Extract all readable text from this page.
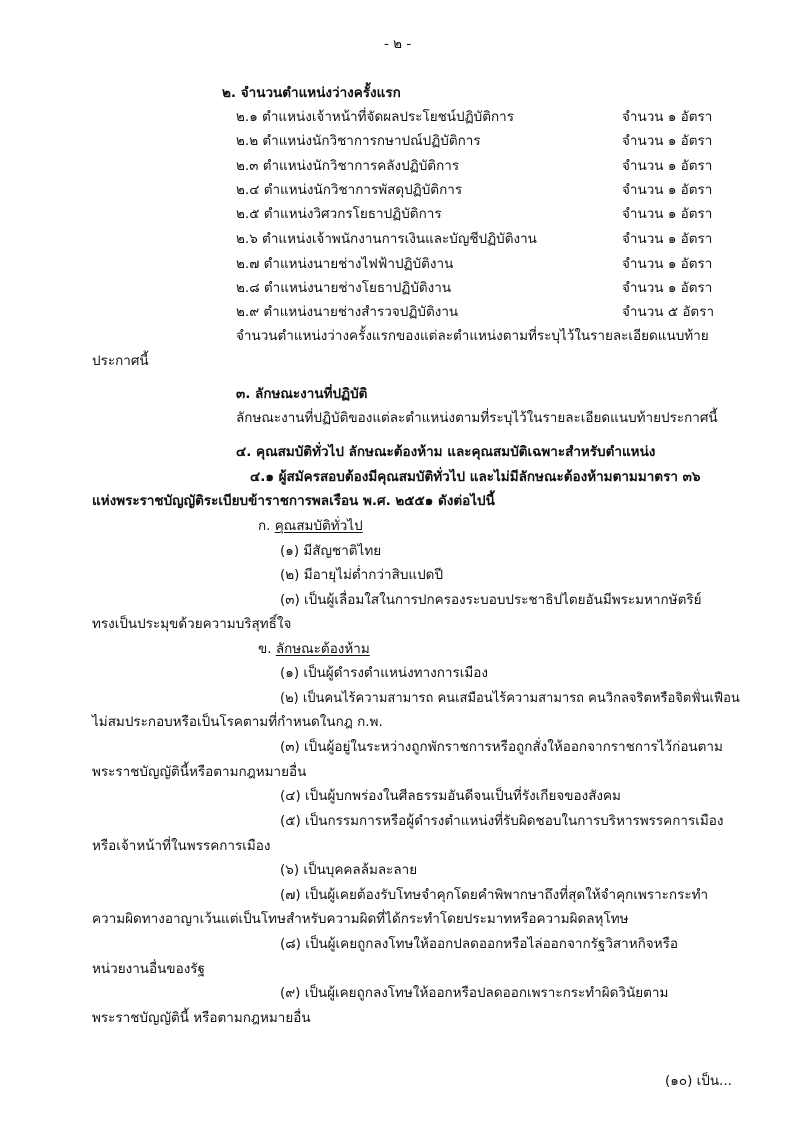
- ๒ -
๒. จำนวนตำแหน่งว่างครั้งแรก
๒.๑ ตำแหน่งเจ้าหน้าที่จัดผลประโยชน์ปฏิบัติการ	จำนวน ๑ อัตรา
๒.๒ ตำแหน่งนักวิชาการกษาปณ์ปฏิบัติการ	จำนวน ๑ อัตรา
๒.๓ ตำแหน่งนักวิชาการคลังปฏิบัติการ	จำนวน ๑ อัตรา
๒.๔ ตำแหน่งนักวิชาการพัสดุปฏิบัติการ	จำนวน ๑ อัตรา
๒.๕ ตำแหน่งวิศวกรโยธาปฏิบัติการ	จำนวน ๑ อัตรา
๒.๖ ตำแหน่งเจ้าพนักงานการเงินและบัญชีปฏิบัติงาน	จำนวน ๑ อัตรา
๒.๗ ตำแหน่งนายช่างไฟฟ้าปฏิบัติงาน	จำนวน ๑ อัตรา
๒.๘ ตำแหน่งนายช่างโยธาปฏิบัติงาน	จำนวน ๑ อัตรา
๒.๙ ตำแหน่งนายช่างสำรวจปฏิบัติงาน	จำนวน ๕ อัตรา
จำนวนตำแหน่งว่างครั้งแรกของแต่ละตำแหน่งตามที่ระบุไว้ในรายละเอียดแนบท้าย
ประกาศนี้
๓. ลักษณะงานที่ปฏิบัติ
ลักษณะงานที่ปฏิบัติของแต่ละตำแหน่งตามที่ระบุไว้ในรายละเอียดแนบท้ายประกาศนี้
๔. คุณสมบัติทั่วไป ลักษณะต้องห้าม และคุณสมบัติเฉพาะสำหรับตำแหน่ง
๔.๑ ผู้สมัครสอบต้องมีคุณสมบัติทั่วไป และไม่มีลักษณะต้องห้ามตามมาตรา ๓๖
แห่งพระราชบัญญัติระเบียบข้าราชการพลเรือน พ.ศ. ๒๕๕๑ ดังต่อไปนี้
ก. คุณสมบัติทั่วไป
(๑) มีสัญชาติไทย
(๒) มีอายุไม่ต่ำกว่าสิบแปดปี
(๓) เป็นผู้เลื่อมใสในการปกครองระบอบประชาธิปไตยอันมีพระมหากษัตริย์
ทรงเป็นประมุขด้วยความบริสุทธิ์ใจ
ข. ลักษณะต้องห้าม
(๑) เป็นผู้ดำรงตำแหน่งทางการเมือง
(๒) เป็นคนไร้ความสามารถ คนเสมือนไร้ความสามารถ คนวิกลจริตหรือจิตฟั่นเฟือน
ไม่สมประกอบหรือเป็นโรคตามที่กำหนดในกฎ ก.พ.
(๓) เป็นผู้อยู่ในระหว่างถูกพักราชการหรือถูกสั่งให้ออกจากราชการไว้ก่อนตาม
พระราชบัญญัตินี้หรือตามกฎหมายอื่น
(๔) เป็นผู้บกพร่องในศีลธรรมอันดีจนเป็นที่รังเกียจของสังคม
(๕) เป็นกรรมการหรือผู้ดำรงตำแหน่งที่รับผิดชอบในการบริหารพรรคการเมือง
หรือเจ้าหน้าที่ในพรรคการเมือง
(๖) เป็นบุคคลล้มละลาย
(๗) เป็นผู้เคยต้องรับโทษจำคุกโดยคำพิพากษาถึงที่สุดให้จำคุกเพราะกระทำ
ความผิดทางอาญาเว้นแต่เป็นโทษสำหรับความผิดที่ได้กระทำโดยประมาทหรือความผิดลหุโทษ
(๘) เป็นผู้เคยถูกลงโทษให้ออกปลดออกหรือไล่ออกจากรัฐวิสาหกิจหรือ
หน่วยงานอื่นของรัฐ
(๙) เป็นผู้เคยถูกลงโทษให้ออกหรือปลดออกเพราะกระทำผิดวินัยตาม
พระราชบัญญัตินี้ หรือตามกฎหมายอื่น
(๑๐) เป็น...
